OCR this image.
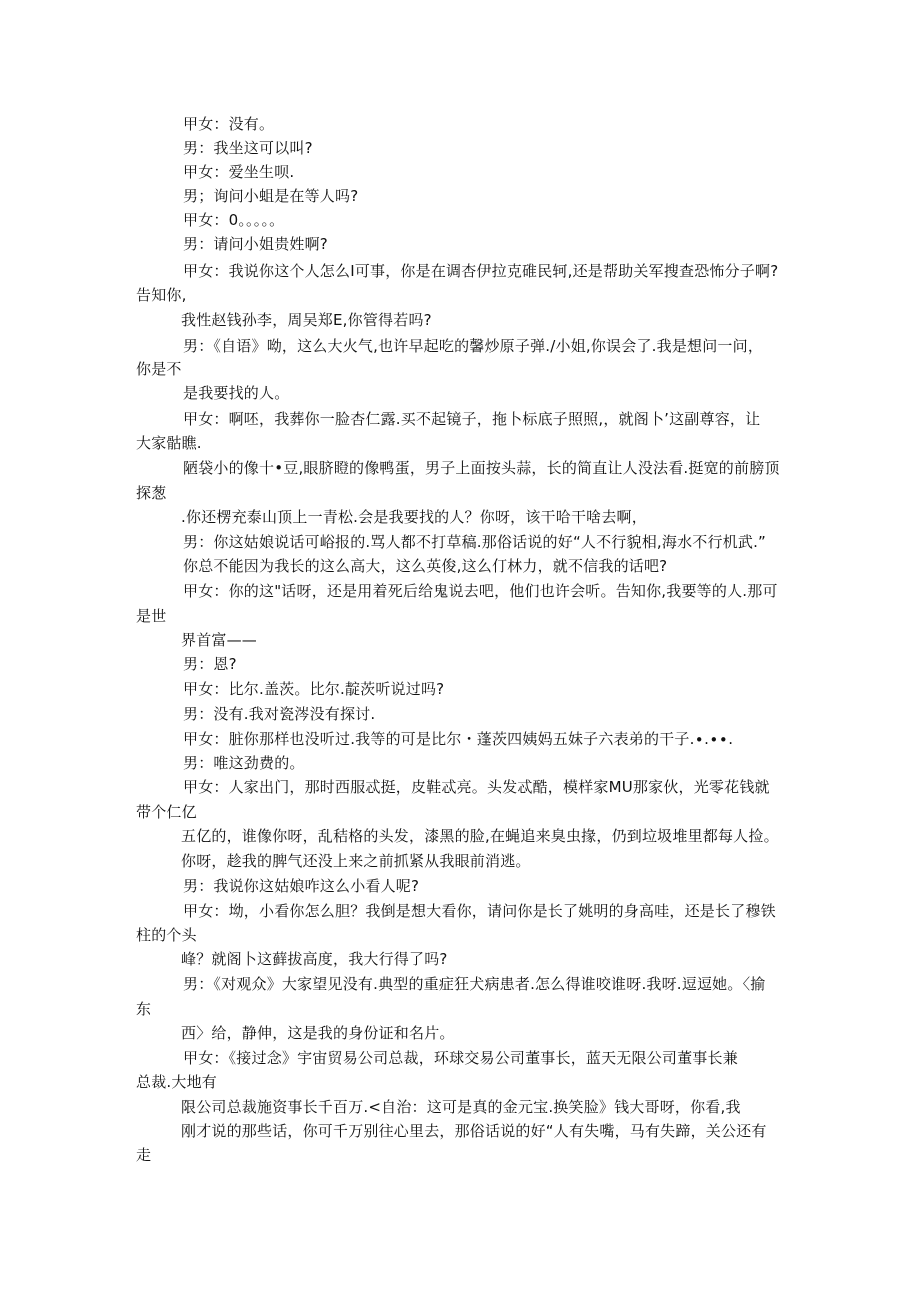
甲女：没有。
男：我坐这可以叫?
甲女：爱坐生呗.
男；询问小蛆是在等人吗?
甲女：0。。。。。
男：请问小姐贵姓啊?
甲女：我说你这个人怎么I可事，你是在调杏伊拉克碓民轲,还是帮助关军搜查恐怖分子啊?
告知你,
我性赵钱孙李，周吴郑E,你管得若吗?
男：《自语》呦，这么大火气,也许早起吃的馨炒原子弹./小姐,你误会了.我是想问一问，
你是不
是我要找的人。
甲女：啊呸，我葬你一脸杏仁露.买不起镜子，拖卜标底子照照,，就阁卜’这副尊容，让
大家骷瞧.
陋袋小的像十•豆,眼脐瞪的像鸭蛋，男子上面按头蒜，长的简直让人没法看.挺宽的前膀顶
探葱
.你还楞充泰山顶上一青松.会是我要找的人？你呀，该干哈干啥去啊，
男：你这姑娘说话可峪报的.骂人都不打草稿.那俗话说的好“人不行貌相,海水不行机武.”
你总不能因为我长的这么高大，这么英俊,这么仃林力，就不信我的话吧?
甲女：你的这"话呀，还是用着死后给鬼说去吧，他们也许会听。告知你,我要等的人.那可
是世
界首富——
男：恩?
甲女：比尔.盖茨。比尔.靛茨听说过吗?
男：没有.我对瓷涔没有探讨.
甲女：脏你那样也没听过.我等的可是比尔・蓬茨四姨妈五妹子六表弟的干子.∙.∙∙.
男：唯这劲费的。
甲女：人家出门，那时西服忒挺，皮鞋忒亮。头发忒酷，模样家MU那家伙，光零花钱就
带个仁亿
五亿的，谁像你呀，乱秸格的头发，漆黑的脸,在蝇追来臭虫掾，仍到垃圾堆里都每人捡。
你呀，趁我的脾气还没上来之前抓紧从我眼前消逃。
男：我说你这姑娘咋这么小看人呢?
甲女：坳，小看你怎么胆？我倒是想大看你，请问你是长了姚明的身高哇，还是长了穆铁
柱的个头
峰？就阁卜这藓拔高度，我大行得了吗?
男：《对观众》大家望见没有.典型的重症狂犬病患者.怎么得谁咬谁呀.我呀.逗逗她。〈揄
东
西〉给，静伸，这是我的身份证和名片。
甲女：《接过念》宇宙贸易公司总裁，环球交易公司董事长，蓝天无限公司董事长兼
总裁.大地有
限公司总裁施资事长千百万.<自治：这可是真的金元宝.换笑脸》钱大哥呀，你看,我
刚才说的那些话，你可千万别往心里去，那俗话说的好“人有失嘴，马有失蹄，关公还有
走
